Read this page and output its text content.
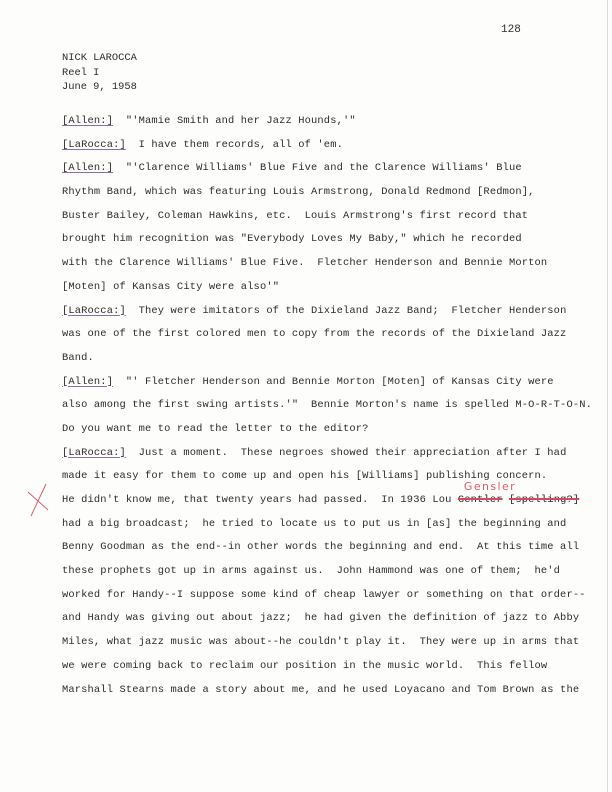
128
NICK LAROCCA
Reel I
June 9, 1958
[Allen:]  "'Mamie Smith and her Jazz Hounds,'"
[LaRocca:]  I have them records, all of 'em.
[Allen:]  "'Clarence Williams' Blue Five and the Clarence Williams' Blue
Rhythm Band, which was featuring Louis Armstrong, Donald Redmond [Redmon],
Buster Bailey, Coleman Hawkins, etc.  Louis Armstrong's first record that
brought him recognition was "Everybody Loves My Baby," which he recorded
with the Clarence Williams' Blue Five.  Fletcher Henderson and Bennie Morton
[Moten] of Kansas City were also'"
[LaRocca:]  They were imitators of the Dixieland Jazz Band;  Fletcher Henderson
was one of the first colored men to copy from the records of the Dixieland Jazz
Band.
[Allen:]  "' Fletcher Henderson and Bennie Morton [Moten] of Kansas City were
also among the first swing artists.'"  Bennie Morton's name is spelled M-O-R-T-O-N.
Do you want me to read the letter to the editor?
[LaRocca:]  Just a moment.  These negroes showed their appreciation after I had
made it easy for them to come up and open his [Williams] publishing concern.
He didn't know me, that twenty years had passed.  In 1936 Lou
Gensler
Gentler [spelling?]
had a big broadcast;  he tried to locate us to put us in [as] the beginning and
Benny Goodman as the end--in other words the beginning and end.  At this time all
these prophets got up in arms against us.  John Hammond was one of them;  he'd
worked for Handy--I suppose some kind of cheap lawyer or something on that order--
and Handy was giving out about jazz;  he had given the definition of jazz to Abby
Miles, what jazz music was about--he couldn't play it.  They were up in arms that
we were coming back to reclaim our position in the music world.  This fellow
Marshall Stearns made a story about me, and he used Loyacano and Tom Brown as the
